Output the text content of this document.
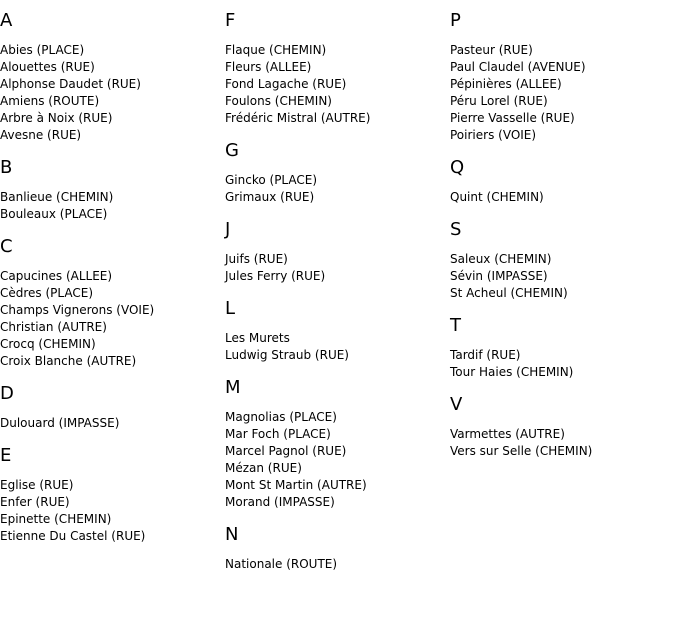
A
Abies (PLACE)
Alouettes (RUE)
Alphonse Daudet (RUE)
Amiens (ROUTE)
Arbre à Noix (RUE)
Avesne (RUE)
B
Banlieue (CHEMIN)
Bouleaux (PLACE)
C
Capucines (ALLEE)
Cèdres (PLACE)
Champs Vignerons (VOIE)
Christian (AUTRE)
Crocq (CHEMIN)
Croix Blanche (AUTRE)
D
Dulouard (IMPASSE)
E
Eglise (RUE)
Enfer (RUE)
Epinette (CHEMIN)
Etienne Du Castel (RUE)
F
Flaque (CHEMIN)
Fleurs (ALLEE)
Fond Lagache (RUE)
Foulons (CHEMIN)
Frédéric Mistral (AUTRE)
G
Gincko (PLACE)
Grimaux (RUE)
J
Juifs (RUE)
Jules Ferry (RUE)
L
Les Murets
Ludwig Straub (RUE)
M
Magnolias (PLACE)
Mar Foch (PLACE)
Marcel Pagnol (RUE)
Mézan (RUE)
Mont St Martin (AUTRE)
Morand (IMPASSE)
N
Nationale (ROUTE)
P
Pasteur (RUE)
Paul Claudel (AVENUE)
Pépinières (ALLEE)
Péru Lorel (RUE)
Pierre Vasselle (RUE)
Poiriers (VOIE)
Q
Quint (CHEMIN)
S
Saleux (CHEMIN)
Sévin (IMPASSE)
St Acheul (CHEMIN)
T
Tardif (RUE)
Tour Haies (CHEMIN)
V
Varmettes (AUTRE)
Vers sur Selle (CHEMIN)
